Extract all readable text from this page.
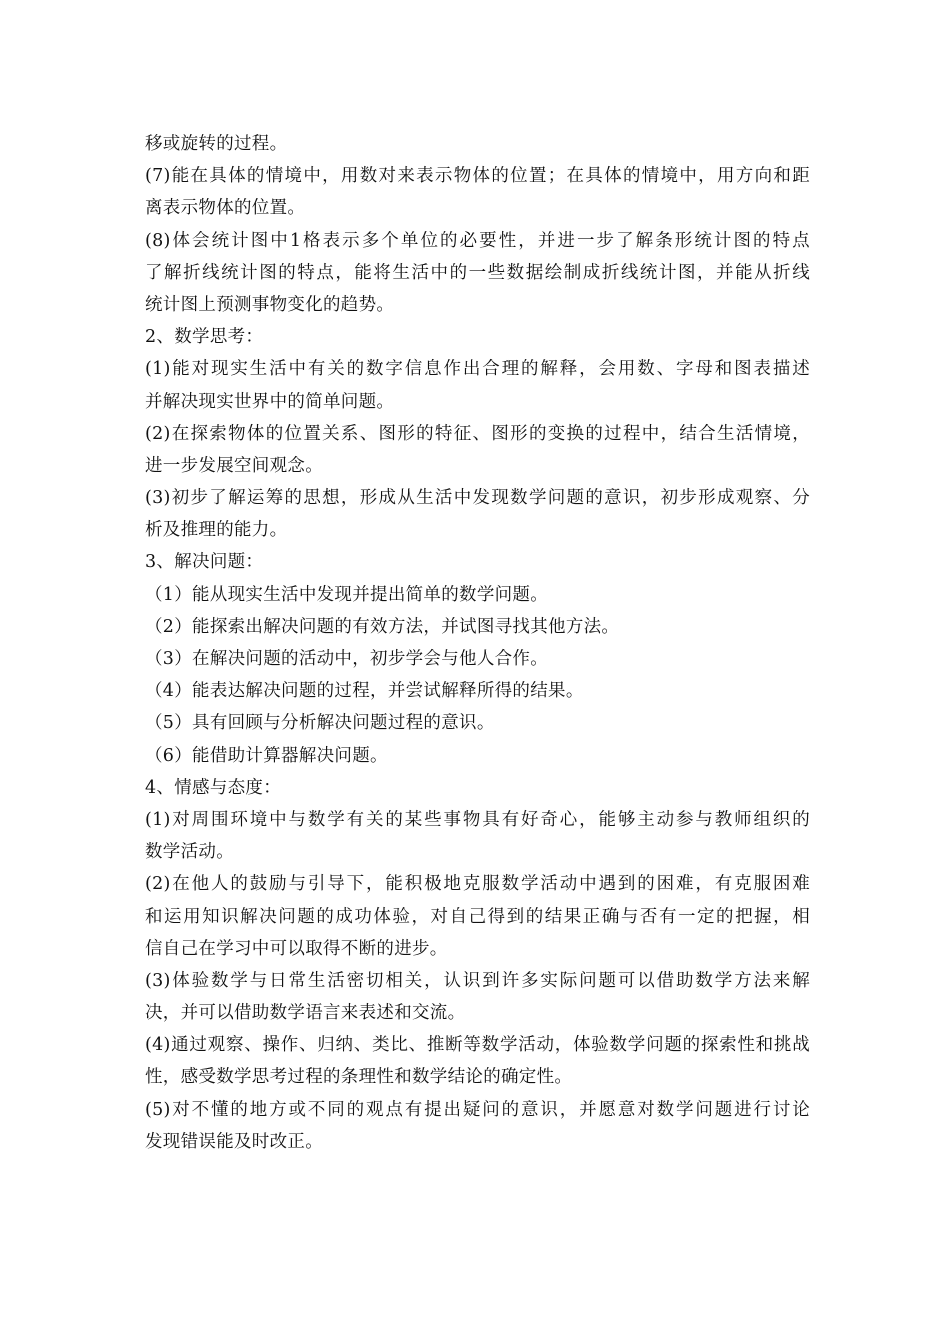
移或旋转的过程。
(7)能在具体的情境中，用数对来表示物体的位置；在具体的情境中，用方向和距
离表示物体的位置。
(8)体会统计图中1格表示多个单位的必要性，并进一步了解条形统计图的特点
了解折线统计图的特点，能将生活中的一些数据绘制成折线统计图，并能从折线
统计图上预测事物变化的趋势。
2、数学思考：
(1)能对现实生活中有关的数字信息作出合理的解释，会用数、字母和图表描述
并解决现实世界中的简单问题。
(2)在探索物体的位置关系、图形的特征、图形的变换的过程中，结合生活情境，
进一步发展空间观念。
(3)初步了解运筹的思想，形成从生活中发现数学问题的意识，初步形成观察、分
析及推理的能力。
3、解决问题：
（1）能从现实生活中发现并提出简单的数学问题。
（2）能探索出解决问题的有效方法，并试图寻找其他方法。
（3）在解决问题的活动中，初步学会与他人合作。
（4）能表达解决问题的过程，并尝试解释所得的结果。
（5）具有回顾与分析解决问题过程的意识。
（6）能借助计算器解决问题。
4、情感与态度：
(1)对周围环境中与数学有关的某些事物具有好奇心，能够主动参与教师组织的
数学活动。
(2)在他人的鼓励与引导下，能积极地克服数学活动中遇到的困难，有克服困难
和运用知识解决问题的成功体验，对自己得到的结果正确与否有一定的把握，相
信自己在学习中可以取得不断的进步。
(3)体验数学与日常生活密切相关，认识到许多实际问题可以借助数学方法来解
决，并可以借助数学语言来表述和交流。
(4)通过观察、操作、归纳、类比、推断等数学活动，体验数学问题的探索性和挑战
性，感受数学思考过程的条理性和数学结论的确定性。
(5)对不懂的地方或不同的观点有提出疑问的意识，并愿意对数学问题进行讨论
发现错误能及时改正。
